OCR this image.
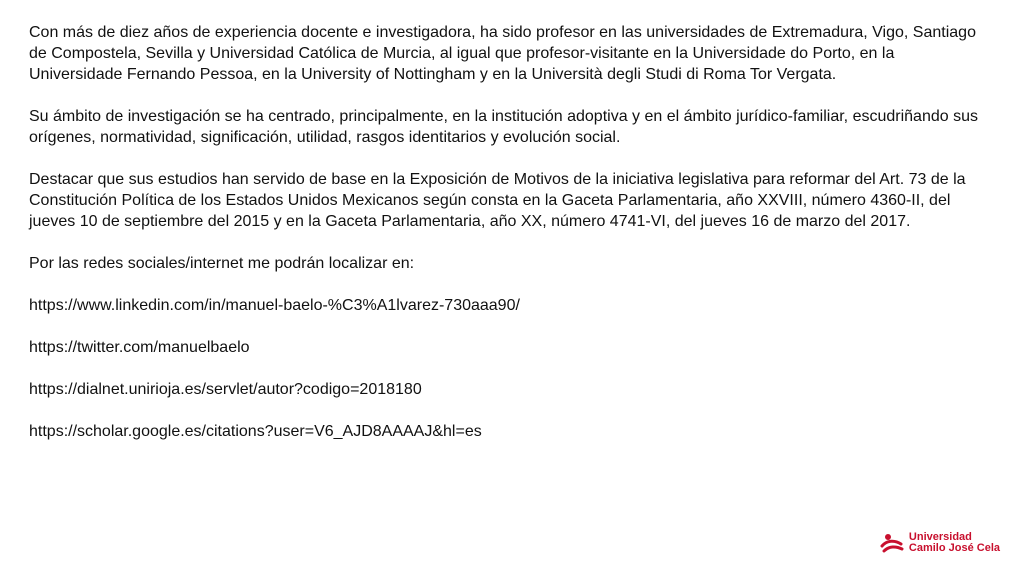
Con más de diez años de experiencia docente e investigadora, ha sido profesor en las universidades de Extremadura, Vigo, Santiago de Compostela, Sevilla y Universidad Católica de Murcia, al igual que profesor-visitante en la Universidade do Porto, en la Universidade Fernando Pessoa, en la University of Nottingham y en la Università degli Studi di Roma Tor Vergata.

Su ámbito de investigación se ha centrado, principalmente, en la institución adoptiva y en el ámbito jurídico-familiar, escudriñando sus orígenes, normatividad, significación, utilidad, rasgos identitarios y evolución social.

Destacar que sus estudios han servido de base en la Exposición de Motivos de la iniciativa legislativa para reformar del Art. 73 de la Constitución Política de los Estados Unidos Mexicanos según consta en la Gaceta Parlamentaria, año XXVIII, número 4360-II, del jueves 10 de septiembre del 2015 y en la Gaceta Parlamentaria, año XX, número 4741-VI, del jueves 16 de marzo del 2017.

Por las redes sociales/internet me podrán localizar en:

https://www.linkedin.com/in/manuel-baelo-%C3%A1lvarez-730aaa90/

https://twitter.com/manuelbaelo

https://dialnet.unirioja.es/servlet/autor?codigo=2018180

https://scholar.google.es/citations?user=V6_AJD8AAAAJ&hl=es

Universidad
Camilo José Cela
